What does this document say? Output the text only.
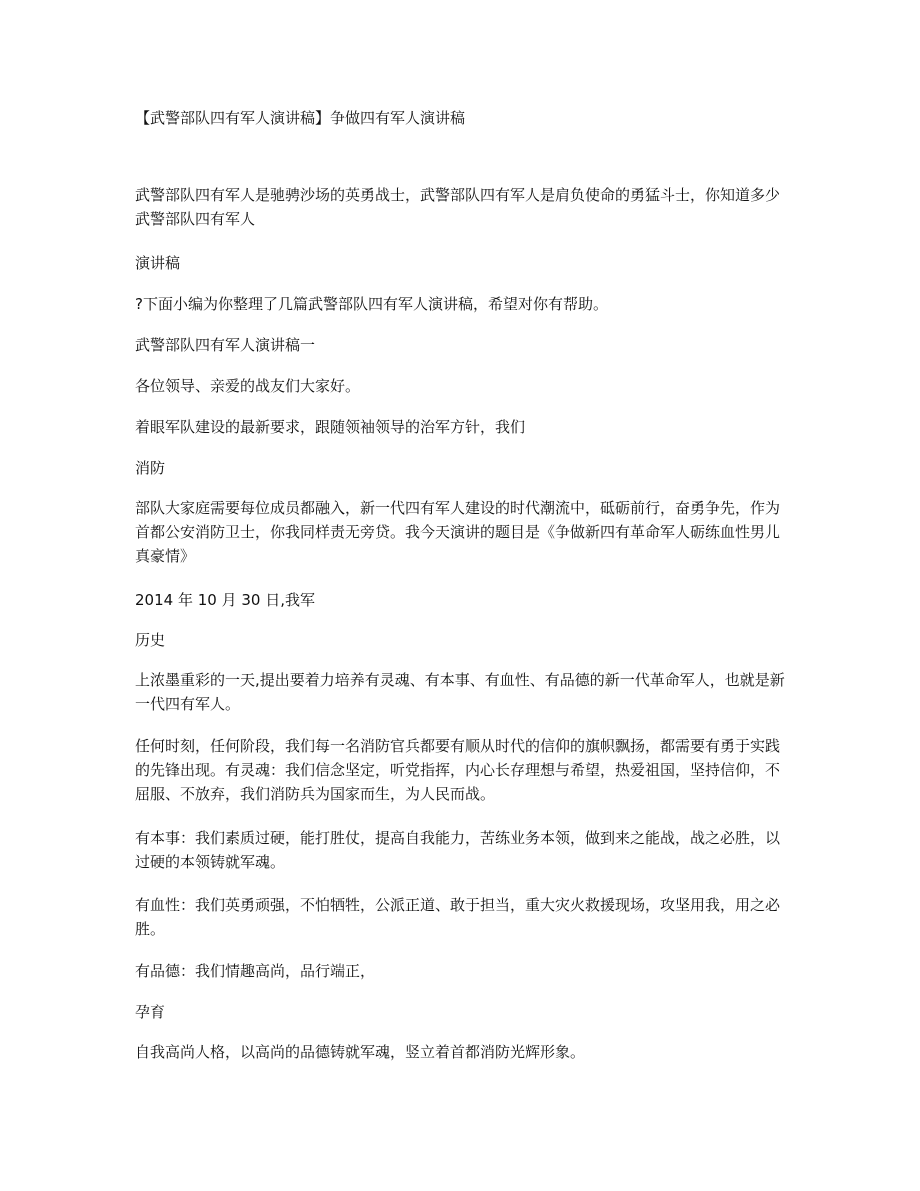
【武警部队四有军人演讲稿】争做四有军人演讲稿

武警部队四有军人是驰骋沙场的英勇战士，武警部队四有军人是肩负使命的勇猛斗士，你知道多少武警部队四有军人

演讲稿

?下面小编为你整理了几篇武警部队四有军人演讲稿，希望对你有帮助。

武警部队四有军人演讲稿一

各位领导、亲爱的战友们大家好。

着眼军队建设的最新要求，跟随领袖领导的治军方针，我们

消防

部队大家庭需要每位成员都融入，新一代四有军人建设的时代潮流中，砥砺前行，奋勇争先，作为首都公安消防卫士，你我同样责无旁贷。我今天演讲的题目是《争做新四有革命军人砺练血性男儿真豪情》

2014 年 10 月 30 日,我军

历史

上浓墨重彩的一天,提出要着力培养有灵魂、有本事、有血性、有品德的新一代革命军人，也就是新一代四有军人。

任何时刻，任何阶段，我们每一名消防官兵都要有顺从时代的信仰的旗帜飘扬，都需要有勇于实践的先锋出现。有灵魂：我们信念坚定，听党指挥，内心长存理想与希望，热爱祖国，坚持信仰，不屈服、不放弃，我们消防兵为国家而生，为人民而战。

有本事：我们素质过硬，能打胜仗，提高自我能力，苦练业务本领，做到来之能战，战之必胜，以过硬的本领铸就军魂。

有血性：我们英勇顽强，不怕牺牲，公派正道、敢于担当，重大灾火救援现场，攻坚用我，用之必胜。

有品德：我们情趣高尚，品行端正，

孕育

自我高尚人格，以高尚的品德铸就军魂，竖立着首都消防光辉形象。
